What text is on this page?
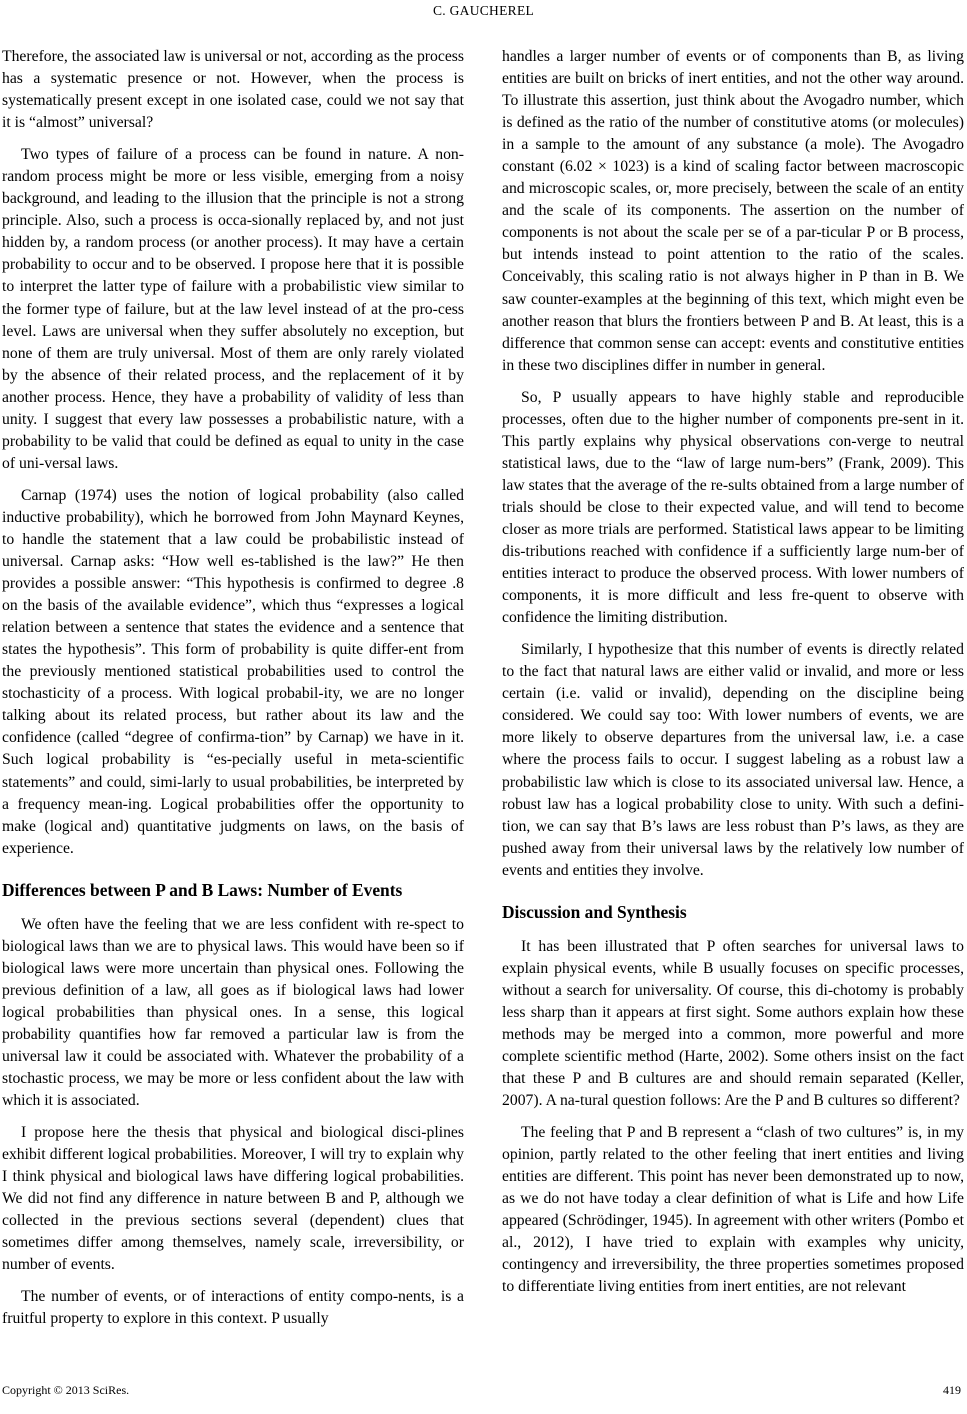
C. GAUCHEREL

Therefore, the associated law is universal or not, according as the process has a systematic presence or not. However, when the process is systematically present except in one isolated case, could we not say that it is “almost” universal?

Two types of failure of a process can be found in nature. A non-random process might be more or less visible, emerging from a noisy background, and leading to the illusion that the principle is not a strong principle. Also, such a process is occa-sionally replaced by, and not just hidden by, a random process (or another process). It may have a certain probability to occur and to be observed. I propose here that it is possible to interpret the latter type of failure with a probabilistic view similar to the former type of failure, but at the law level instead of at the pro-cess level. Laws are universal when they suffer absolutely no exception, but none of them are truly universal. Most of them are only rarely violated by the absence of their related process, and the replacement of it by another process. Hence, they have a probability of validity of less than unity. I suggest that every law possesses a probabilistic nature, with a probability to be valid that could be defined as equal to unity in the case of uni-versal laws.

Carnap (1974) uses the notion of logical probability (also called inductive probability), which he borrowed from John Maynard Keynes, to handle the statement that a law could be probabilistic instead of universal. Carnap asks: “How well es-tablished is the law?” He then provides a possible answer: “This hypothesis is confirmed to degree .8 on the basis of the available evidence”, which thus “expresses a logical relation between a sentence that states the evidence and a sentence that states the hypothesis”. This form of probability is quite differ-ent from the previously mentioned statistical probabilities used to control the stochasticity of a process. With logical probabil-ity, we are no longer talking about its related process, but rather about its law and the confidence (called “degree of confirma-tion” by Carnap) we have in it. Such logical probability is “es-pecially useful in meta-scientific statements” and could, simi-larly to usual probabilities, be interpreted by a frequency mean-ing. Logical probabilities offer the opportunity to make (logical and) quantitative judgments on laws, on the basis of experience.

Differences between P and B Laws: Number of Events

We often have the feeling that we are less confident with re-spect to biological laws than we are to physical laws. This would have been so if biological laws were more uncertain than physical ones. Following the previous definition of a law, all goes as if biological laws had lower logical probabilities than physical ones. In a sense, this logical probability quantifies how far removed a particular law is from the universal law it could be associated with. Whatever the probability of a stochastic process, we may be more or less confident about the law with which it is associated.

I propose here the thesis that physical and biological disci-plines exhibit different logical probabilities. Moreover, I will try to explain why I think physical and biological laws have differing logical probabilities. We did not find any difference in nature between B and P, although we collected in the previous sections several (dependent) clues that sometimes differ among themselves, namely scale, irreversibility, or number of events.

The number of events, or of interactions of entity compo-nents, is a fruitful property to explore in this context. P usually

handles a larger number of events or of components than B, as living entities are built on bricks of inert entities, and not the other way around. To illustrate this assertion, just think about the Avogadro number, which is defined as the ratio of the number of constitutive atoms (or molecules) in a sample to the amount of any substance (a mole). The Avogadro constant (6.02 × 1023) is a kind of scaling factor between macroscopic and microscopic scales, or, more precisely, between the scale of an entity and the scale of its components. The assertion on the number of components is not about the scale per se of a par-ticular P or B process, but intends instead to point attention to the ratio of the scales. Conceivably, this scaling ratio is not always higher in P than in B. We saw counter-examples at the beginning of this text, which might even be another reason that blurs the frontiers between P and B. At least, this is a difference that common sense can accept: events and constitutive entities in these two disciplines differ in number in general.

So, P usually appears to have highly stable and reproducible processes, often due to the higher number of components pre-sent in it. This partly explains why physical observations con-verge to neutral statistical laws, due to the “law of large num-bers” (Frank, 2009). This law states that the average of the re-sults obtained from a large number of trials should be close to their expected value, and will tend to become closer as more trials are performed. Statistical laws appear to be limiting dis-tributions reached with confidence if a sufficiently large num-ber of entities interact to produce the observed process. With lower numbers of components, it is more difficult and less fre-quent to observe with confidence the limiting distribution.

Similarly, I hypothesize that this number of events is directly related to the fact that natural laws are either valid or invalid, and more or less certain (i.e. valid or invalid), depending on the discipline being considered. We could say too: With lower numbers of events, we are more likely to observe departures from the universal law, i.e. a case where the process fails to occur. I suggest labeling as a robust law a probabilistic law which is close to its associated universal law. Hence, a robust law has a logical probability close to unity. With such a defini-tion, we can say that B’s laws are less robust than P’s laws, as they are pushed away from their universal laws by the relatively low number of events and entities they involve.

Discussion and Synthesis

It has been illustrated that P often searches for universal laws to explain physical events, while B usually focuses on specific processes, without a search for universality. Of course, this di-chotomy is probably less sharp than it appears at first sight. Some authors explain how these methods may be merged into a common, more powerful and more complete scientific method (Harte, 2002). Some others insist on the fact that these P and B cultures are and should remain separated (Keller, 2007). A na-tural question follows: Are the P and B cultures so different?

The feeling that P and B represent a “clash of two cultures” is, in my opinion, partly related to the other feeling that inert entities and living entities are different. This point has never been demonstrated up to now, as we do not have today a clear definition of what is Life and how Life appeared (Schrödinger, 1945). In agreement with other writers (Pombo et al., 2012), I have tried to explain with examples why unicity, contingency and irreversibility, the three properties sometimes proposed to differentiate living entities from inert entities, are not relevant

Copyright © 2013 SciRes.	419
